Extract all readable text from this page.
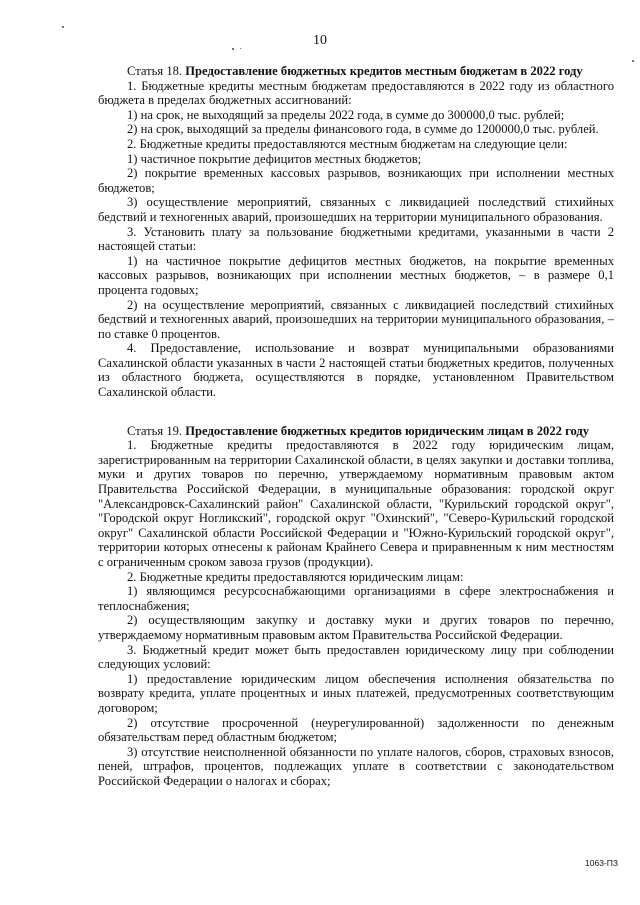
10

Статья 18. Предоставление бюджетных кредитов местным бюджетам в 2022 году

1. Бюджетные кредиты местным бюджетам предоставляются в 2022 году из областного бюджета в пределах бюджетных ассигнований:

1) на срок, не выходящий за пределы 2022 года, в сумме до 300000,0 тыс. рублей;

2) на срок, выходящий за пределы финансового года, в сумме до 1200000,0 тыс. рублей.

2. Бюджетные кредиты предоставляются местным бюджетам на следующие цели:

1) частичное покрытие дефицитов местных бюджетов;

2) покрытие временных кассовых разрывов, возникающих при исполнении местных бюджетов;

3) осуществление мероприятий, связанных с ликвидацией последствий стихийных бедствий и техногенных аварий, произошедших на территории муниципального образования.

3. Установить плату за пользование бюджетными кредитами, указанными в части 2 настоящей статьи:

1) на частичное покрытие дефицитов местных бюджетов, на покрытие временных кассовых разрывов, возникающих при исполнении местных бюджетов, – в размере 0,1 процента годовых;

2) на осуществление мероприятий, связанных с ликвидацией последствий стихийных бедствий и техногенных аварий, произошедших на территории муниципального образования, – по ставке 0 процентов.

4. Предоставление, использование и возврат муниципальными образованиями Сахалинской области указанных в части 2 настоящей статьи бюджетных кредитов, полученных из областного бюджета, осуществляются в порядке, установленном Правительством Сахалинской области.

Статья 19. Предоставление бюджетных кредитов юридическим лицам в 2022 году

1. Бюджетные кредиты предоставляются в 2022 году юридическим лицам, зарегистрированным на территории Сахалинской области, в целях закупки и доставки топлива, муки и других товаров по перечню, утверждаемому нормативным правовым актом Правительства Российской Федерации, в муниципальные образования: городской округ "Александровск-Сахалинский район" Сахалинской области, "Курильский городской округ", "Городской округ Ногликский", городской округ "Охинский", "Северо-Курильский городской округ" Сахалинской области Российской Федерации и "Южно-Курильский городской округ", территории которых отнесены к районам Крайнего Севера и приравненным к ним местностям с ограниченным сроком завоза грузов (продукции).

2. Бюджетные кредиты предоставляются юридическим лицам:

1) являющимся ресурсоснабжающими организациями в сфере электроснабжения и теплоснабжения;

2) осуществляющим закупку и доставку муки и других товаров по перечню, утверждаемому нормативным правовым актом Правительства Российской Федерации.

3. Бюджетный кредит может быть предоставлен юридическому лицу при соблюдении следующих условий:

1) предоставление юридическим лицом обеспечения исполнения обязательства по возврату кредита, уплате процентных и иных платежей, предусмотренных соответствующим договором;

2) отсутствие просроченной (неурегулированной) задолженности по денежным обязательствам перед областным бюджетом;

3) отсутствие неисполненной обязанности по уплате налогов, сборов, страховых взносов, пеней, штрафов, процентов, подлежащих уплате в соответствии с законодательством Российской Федерации о налогах и сборах;

1063-ПЗ
